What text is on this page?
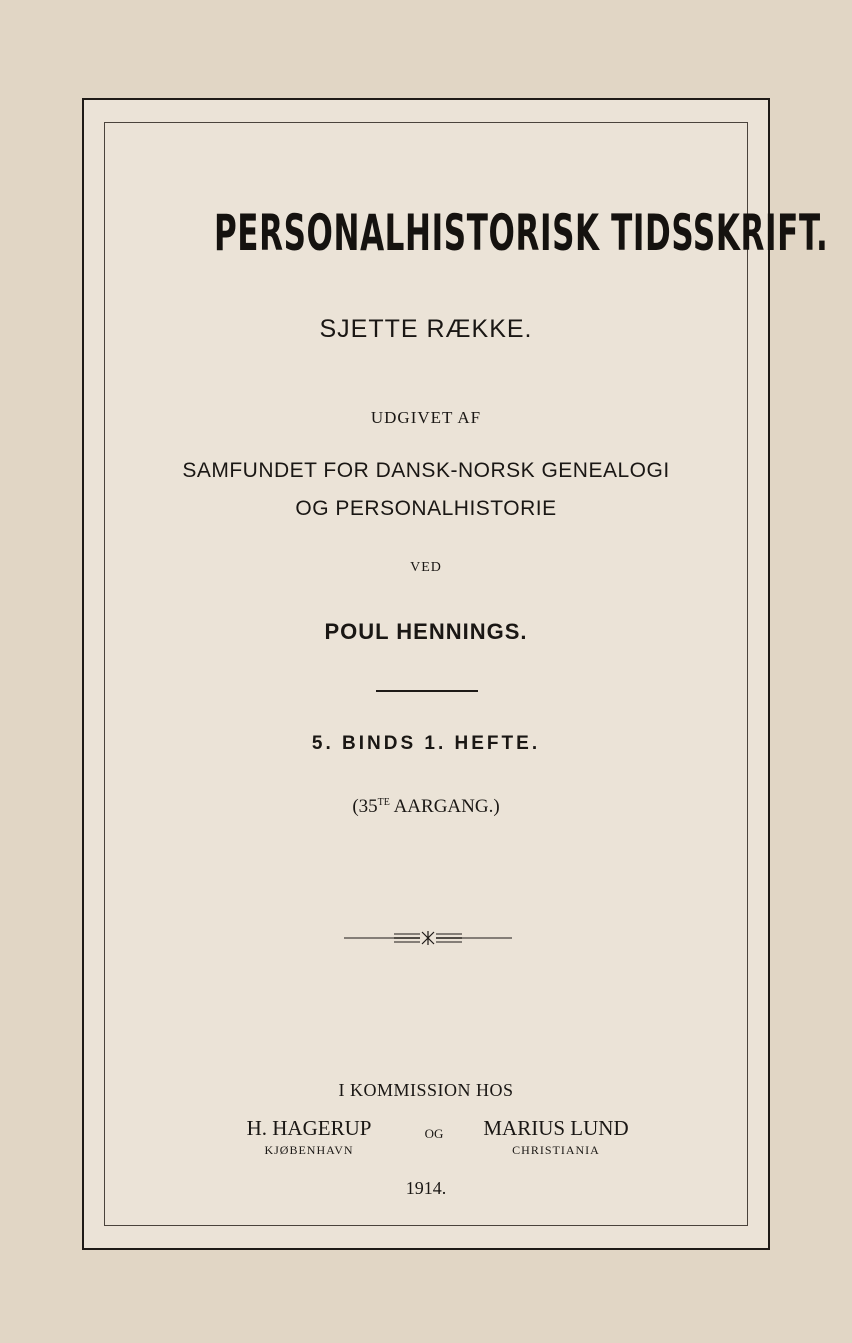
PERSONALHISTORISK TIDSSKRIFT.
SJETTE RÆKKE.
UDGIVET AF
SAMFUNDET FOR DANSK-NORSK GENEALOGI
OG PERSONALHISTORIE
VED
POUL HENNINGS.
5. BINDS 1. HEFTE.
($35^{TE}$ AARGANG.)
I KOMMISSION HOS
H. HAGERUP
KJØBENHAVN
OG	MARIUS LUND
CHRISTIANIA
1914.
